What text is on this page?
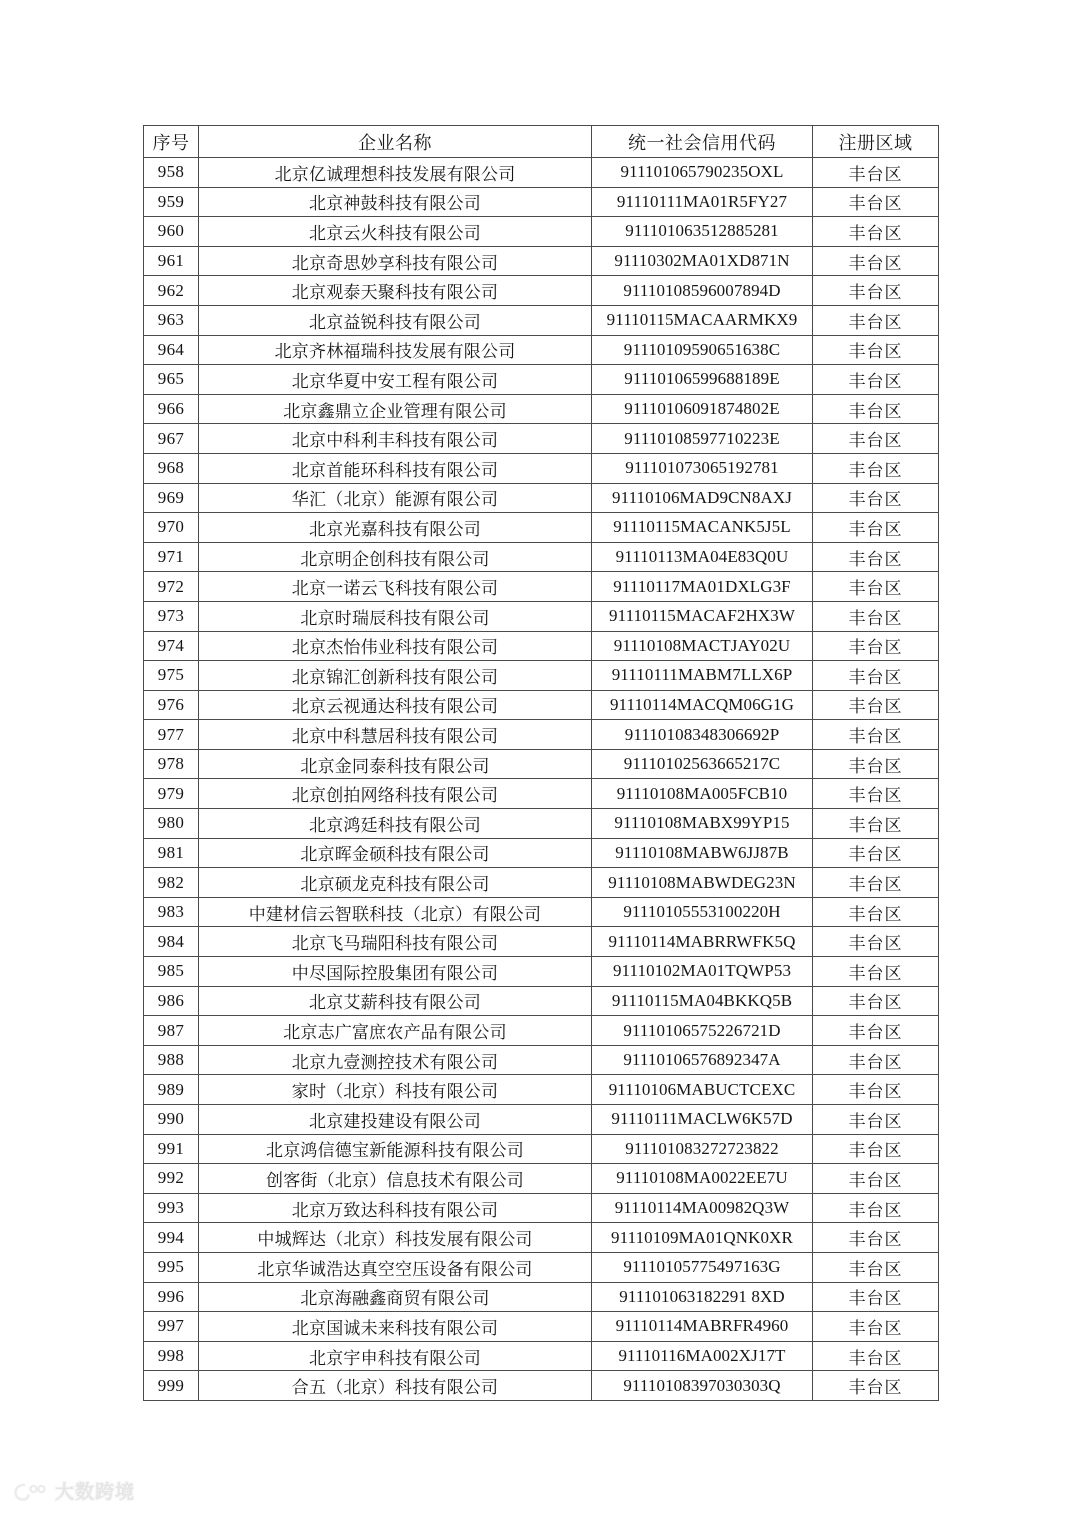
序号	企业名称	统一社会信用代码	注册区域
958	北京亿诚理想科技发展有限公司	911101065790235OXL	丰台区
959	北京神鼓科技有限公司	91110111MA01R5FY27	丰台区
960	北京云火科技有限公司	911101063512885281	丰台区
961	北京奇思妙享科技有限公司	91110302MA01XD871N	丰台区
962	北京观泰天聚科技有限公司	91110108596007894D	丰台区
963	北京益锐科技有限公司	91110115MACAARMKX9	丰台区
964	北京齐林福瑞科技发展有限公司	91110109590651638C	丰台区
965	北京华夏中安工程有限公司	91110106599688189E	丰台区
966	北京鑫鼎立企业管理有限公司	91110106091874802E	丰台区
967	北京中科利丰科技有限公司	91110108597710223E	丰台区
968	北京首能环科科技有限公司	911101073065192781	丰台区
969	华汇（北京）能源有限公司	91110106MAD9CN8AXJ	丰台区
970	北京光嘉科技有限公司	91110115MACANK5J5L	丰台区
971	北京明企创科技有限公司	91110113MA04E83Q0U	丰台区
972	北京一诺云飞科技有限公司	91110117MA01DXLG3F	丰台区
973	北京时瑞辰科技有限公司	91110115MACAF2HX3W	丰台区
974	北京杰怡伟业科技有限公司	91110108MACTJAY02U	丰台区
975	北京锦汇创新科技有限公司	91110111MABM7LLX6P	丰台区
976	北京云视通达科技有限公司	91110114MACQM06G1G	丰台区
977	北京中科慧居科技有限公司	91110108348306692P	丰台区
978	北京金同泰科技有限公司	91110102563665217C	丰台区
979	北京创拍网络科技有限公司	91110108MA005FCB10	丰台区
980	北京鸿廷科技有限公司	91110108MABX99YP15	丰台区
981	北京晖金硕科技有限公司	91110108MABW6JJ87B	丰台区
982	北京硕龙克科技有限公司	91110108MABWDEG23N	丰台区
983	中建材信云智联科技（北京）有限公司	91110105553100220H	丰台区
984	北京飞马瑞阳科技有限公司	91110114MABRRWFK5Q	丰台区
985	中尽国际控股集团有限公司	91110102MA01TQWP53	丰台区
986	北京艾薪科技有限公司	91110115MA04BKKQ5B	丰台区
987	北京志广富庶农产品有限公司	91110106575226721D	丰台区
988	北京九壹测控技术有限公司	91110106576892347A	丰台区
989	家时（北京）科技有限公司	91110106MABUCTCEXC	丰台区
990	北京建投建设有限公司	91110111MACLW6K57D	丰台区
991	北京鸿信德宝新能源科技有限公司	911101083272723822	丰台区
992	创客街（北京）信息技术有限公司	91110108MA0022EE7U	丰台区
993	北京万致达科科技有限公司	91110114MA00982Q3W	丰台区
994	中城辉达（北京）科技发展有限公司	91110109MA01QNK0XR	丰台区
995	北京华诚浩达真空空压设备有限公司	91110105775497163G	丰台区
996	北京海融鑫商贸有限公司	911101063182291 8XD	丰台区
997	北京国诚未来科技有限公司	91110114MABRFR4960	丰台区
998	北京宇申科技有限公司	91110116MA002XJ17T	丰台区
999	合五（北京）科技有限公司	91110108397030303Q	丰台区
大数跨境
